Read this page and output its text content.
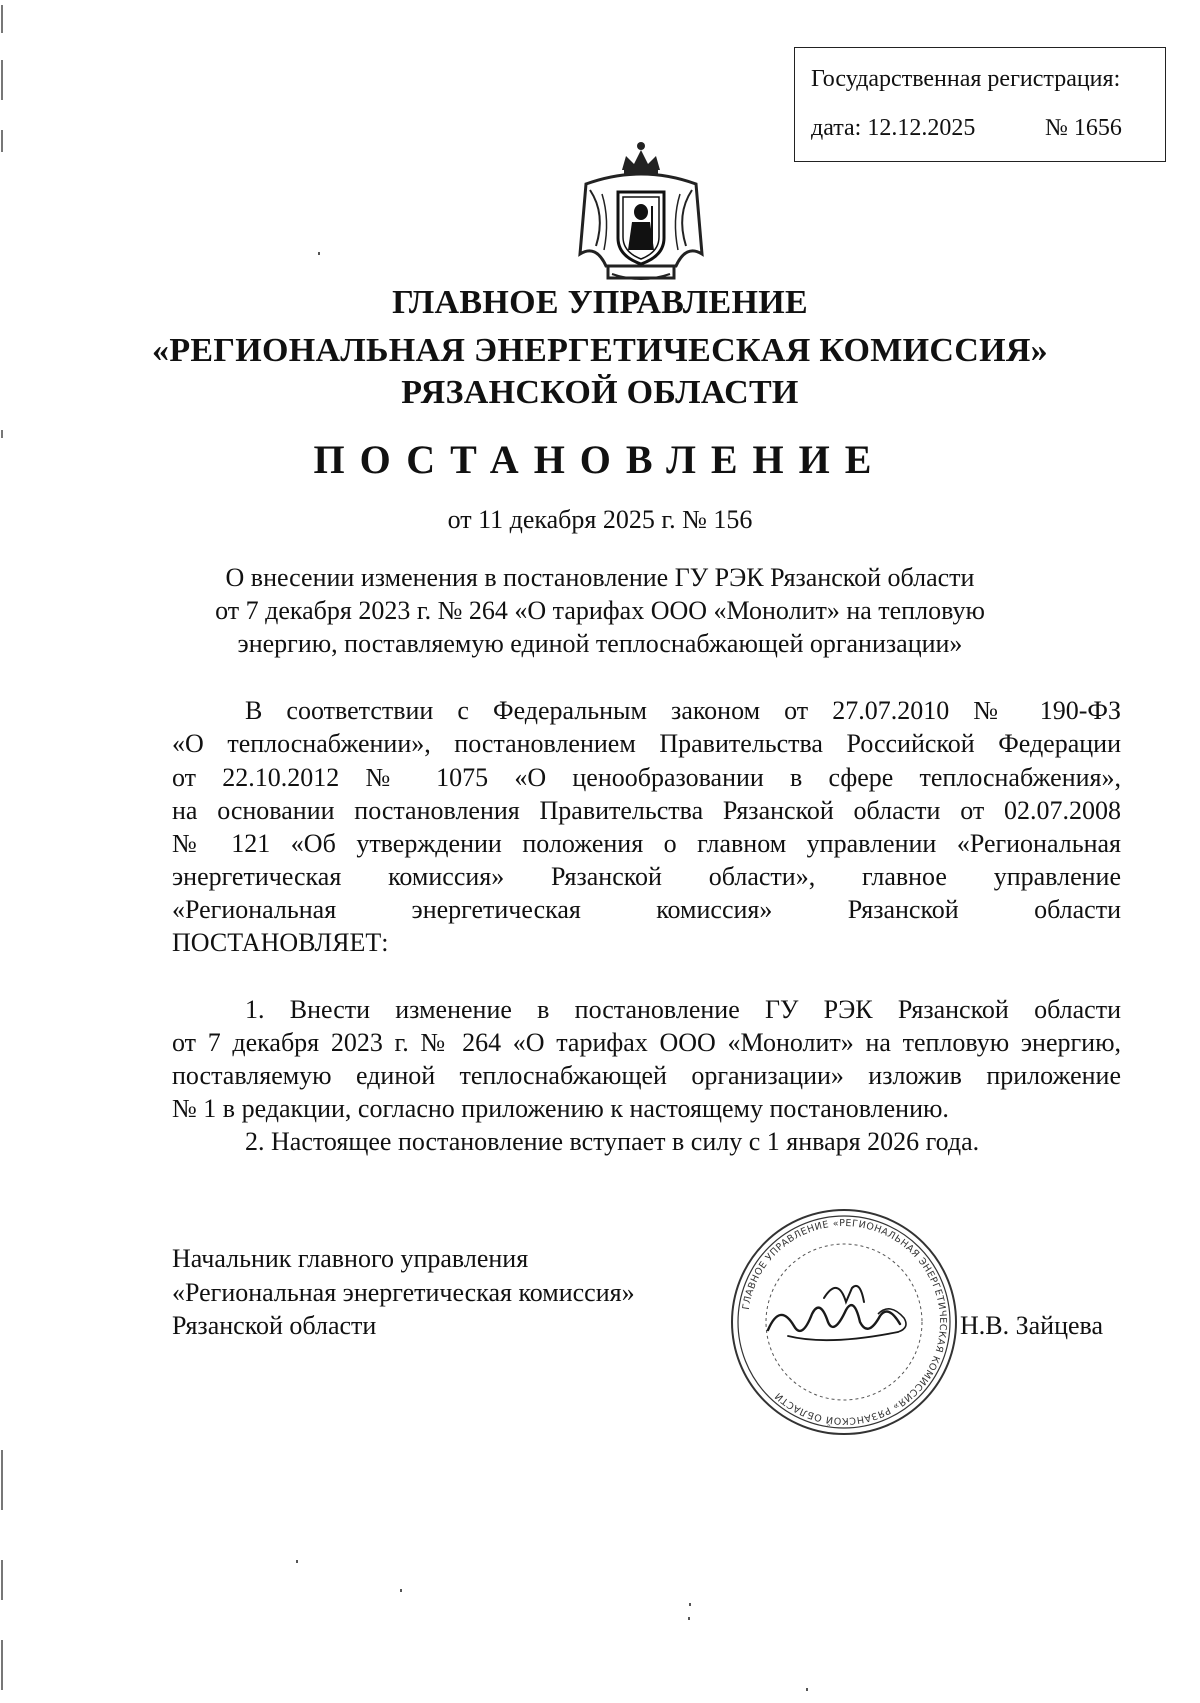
Государственная регистрация:
дата: 12.12.2025	№ 1656
ГЛАВНОЕ УПРАВЛЕНИЕ
«РЕГИОНАЛЬНАЯ ЭНЕРГЕТИЧЕСКАЯ КОМИССИЯ»
РЯЗАНСКОЙ ОБЛАСТИ
ПОСТАНОВЛЕНИЕ
от 11 декабря 2025 г. № 156
О внесении изменения в постановление ГУ РЭК Рязанской области
от 7 декабря 2023 г. № 264 «О тарифах ООО «Монолит» на тепловую
энергию, поставляемую единой теплоснабжающей организации»
В соответствии с Федеральным законом от 27.07.2010 № 190-ФЗ
«О теплоснабжении», постановлением Правительства Российской Федерации
от 22.10.2012 № 1075 «О ценообразовании в сфере теплоснабжения»,
на основании постановления Правительства Рязанской области от 02.07.2008
№ 121 «Об утверждении положения о главном управлении «Региональная
энергетическая комиссия» Рязанской области», главное управление
«Региональная энергетическая комиссия» Рязанской области
ПОСТАНОВЛЯЕТ:
1. Внести изменение в постановление ГУ РЭК Рязанской области
от 7 декабря 2023 г. № 264 «О тарифах ООО «Монолит» на тепловую энергию,
поставляемую единой теплоснабжающей организации» изложив приложение
№ 1 в редакции, согласно приложению к настоящему постановлению.
2. Настоящее постановление вступает в силу с 1 января 2026 года.
Начальник главного управления
«Региональная энергетическая комиссия»
Рязанской области
ГЛАВНОЕ УПРАВЛЕНИЕ «РЕГИОНАЛЬНАЯ ЭНЕРГЕТИЧЕСКАЯ КОМИССИЯ» РЯЗАНСКОЙ ОБЛАСТИ
Н.В. Зайцева
